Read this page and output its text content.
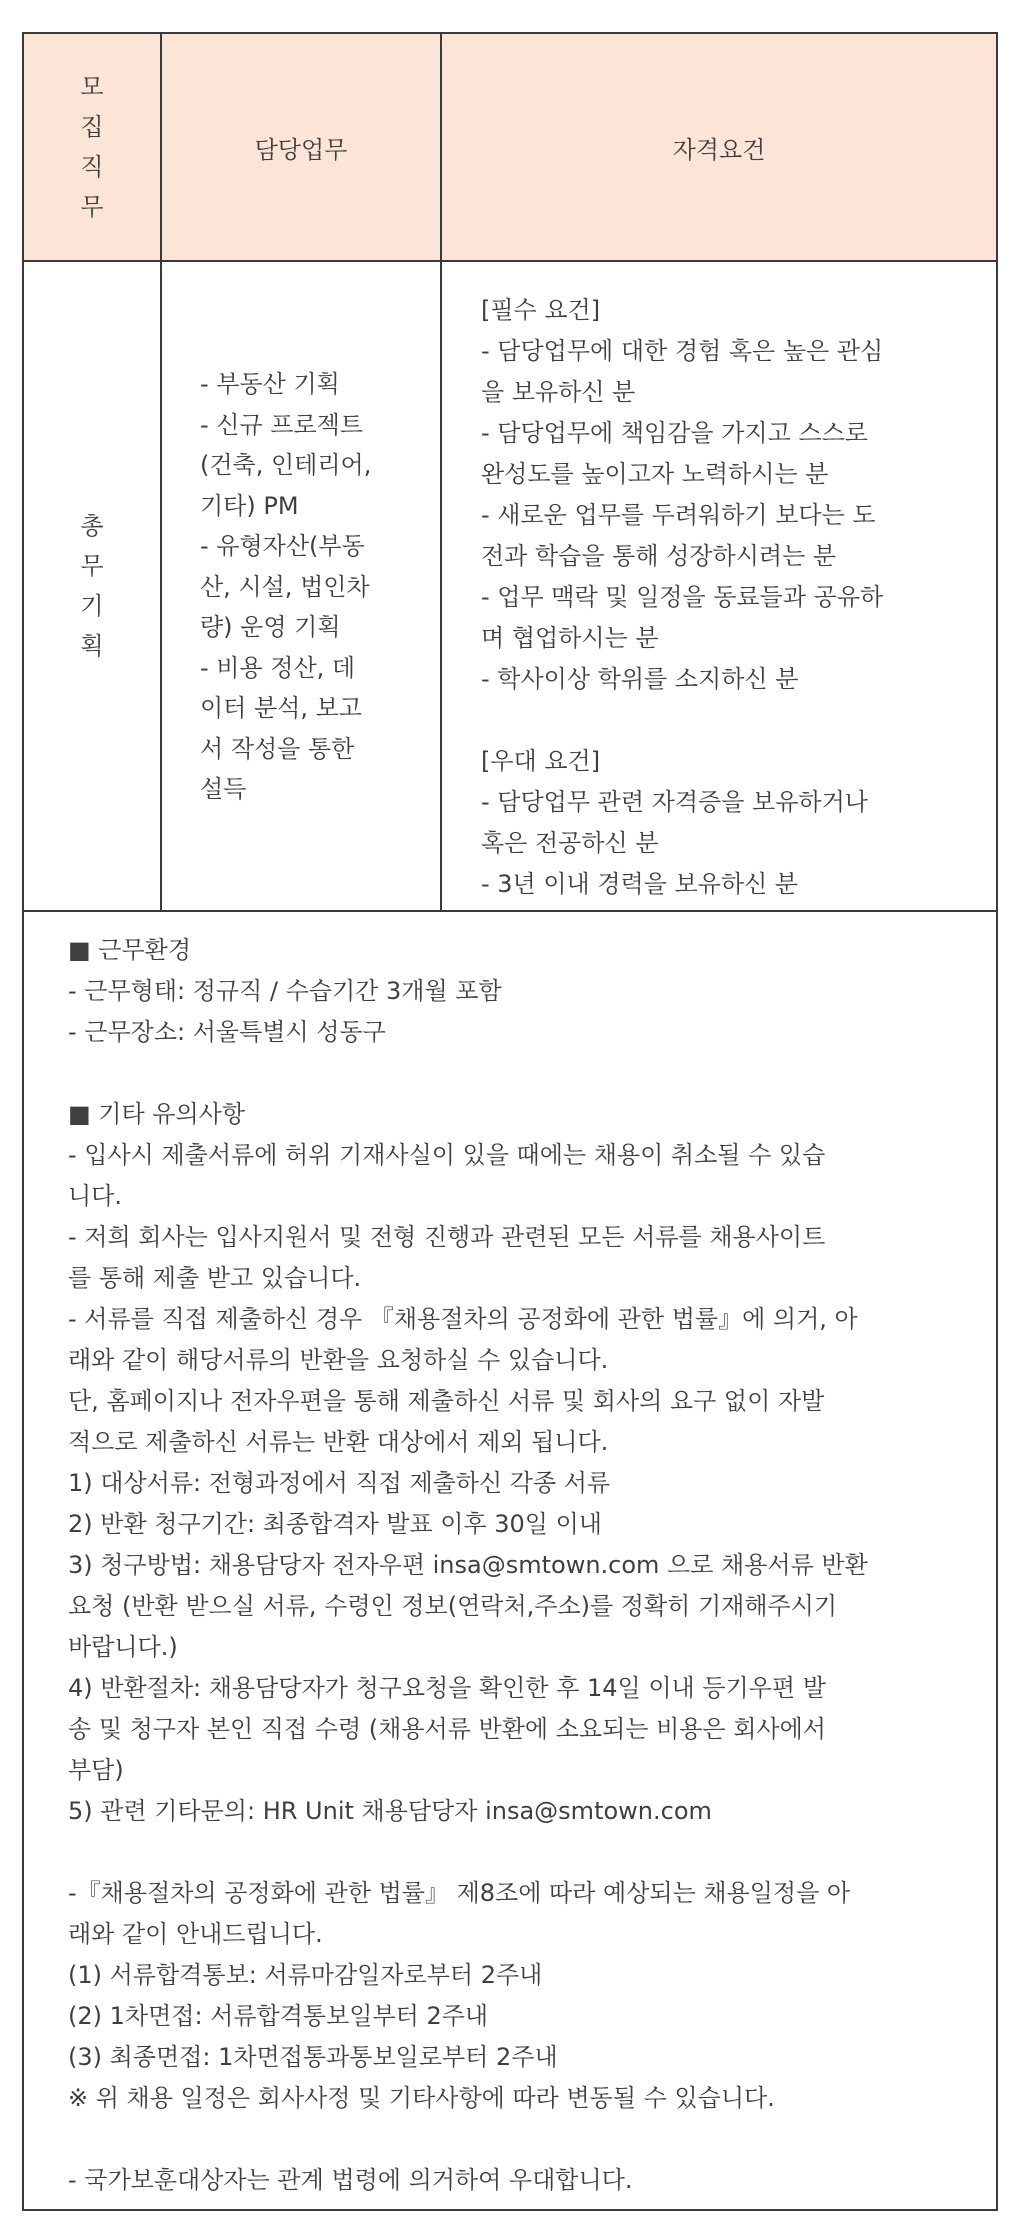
모
집
직
무
담당업무	자격요건
총
무
기
획
- 부동산 기획
- 신규 프로젝트
(건축, 인테리어,
기타) PM
- 유형자산(부동
산, 시설, 법인차
량) 운영 기획
- 비용 정산, 데
이터 분석, 보고
서 작성을 통한
설득
[필수 요건]
- 담당업무에 대한 경험 혹은 높은 관심
을 보유하신 분
- 담당업무에 책임감을 가지고 스스로
완성도를 높이고자 노력하시는 분
- 새로운 업무를 두려워하기 보다는 도
전과 학습을 통해 성장하시려는 분
- 업무 맥락 및 일정을 동료들과 공유하
며 협업하시는 분
- 학사이상 학위를 소지하신 분

[우대 요건]
- 담당업무 관련 자격증을 보유하거나
혹은 전공하신 분
- 3년 이내 경력을 보유하신 분
■ 근무환경
- 근무형태: 정규직 / 수습기간 3개월 포함
- 근무장소: 서울특별시 성동구

■ 기타 유의사항
- 입사시 제출서류에 허위 기재사실이 있을 때에는 채용이 취소될 수 있습
니다.
- 저희 회사는 입사지원서 및 전형 진행과 관련된 모든 서류를 채용사이트
를 통해 제출 받고 있습니다.
- 서류를 직접 제출하신 경우 『채용절차의 공정화에 관한 법률』에 의거, 아
래와 같이 해당서류의 반환을 요청하실 수 있습니다.
단, 홈페이지나 전자우편을 통해 제출하신 서류 및 회사의 요구 없이 자발
적으로 제출하신 서류는 반환 대상에서 제외 됩니다.
1) 대상서류: 전형과정에서 직접 제출하신 각종 서류
2) 반환 청구기간: 최종합격자 발표 이후 30일 이내
3) 청구방법: 채용담당자 전자우편 insa@smtown.com 으로 채용서류 반환
요청 (반환 받으실 서류, 수령인 정보(연락처,주소)를 정확히 기재해주시기
바랍니다.)
4) 반환절차: 채용담당자가 청구요청을 확인한 후 14일 이내 등기우편 발
송 및 청구자 본인 직접 수령 (채용서류 반환에 소요되는 비용은 회사에서
부담)
5) 관련 기타문의: HR Unit 채용담당자 insa@smtown.com

-『채용절차의 공정화에 관한 법률』 제8조에 따라 예상되는 채용일정을 아
래와 같이 안내드립니다.
(1) 서류합격통보: 서류마감일자로부터 2주내
(2) 1차면접: 서류합격통보일부터 2주내
(3) 최종면접: 1차면접통과통보일로부터 2주내
※ 위 채용 일정은 회사사정 및 기타사항에 따라 변동될 수 있습니다.

- 국가보훈대상자는 관계 법령에 의거하여 우대합니다.
